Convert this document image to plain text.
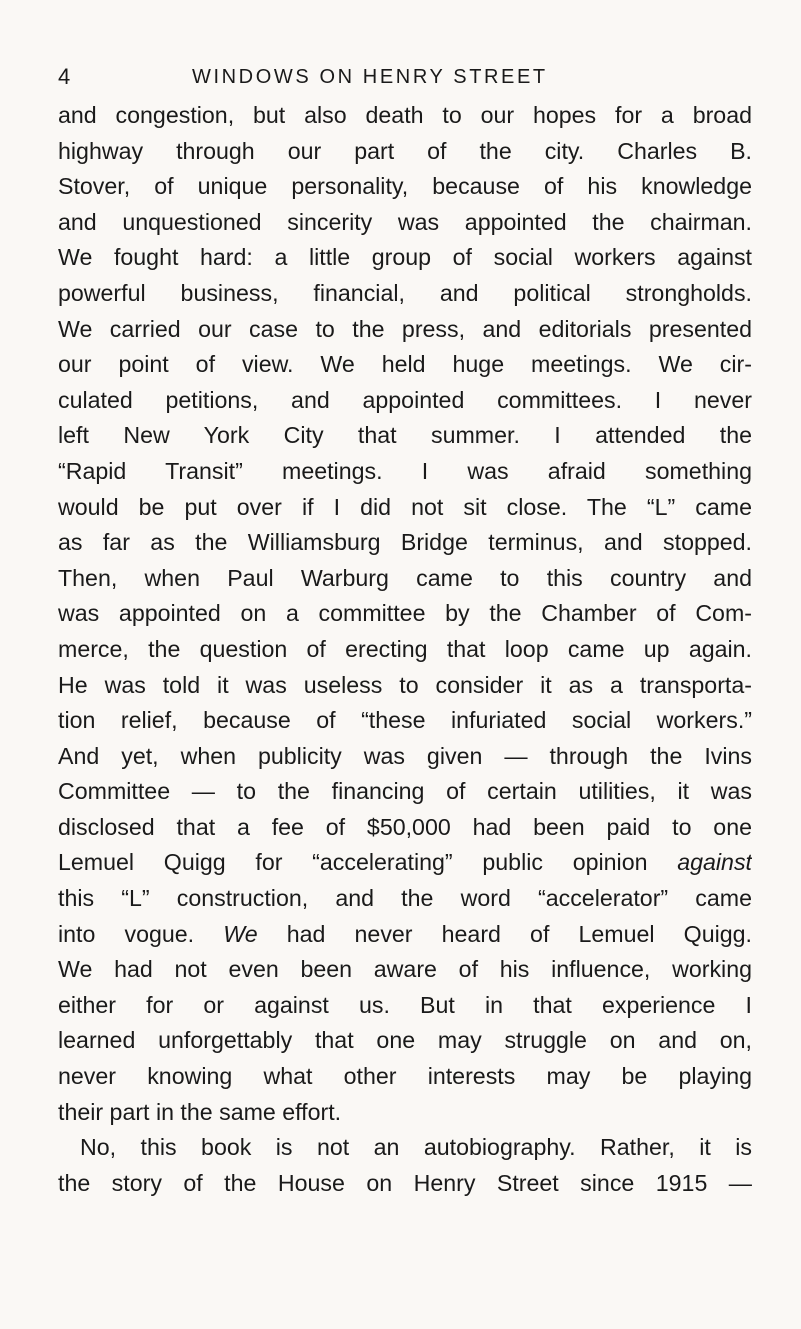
4	WINDOWS ON HENRY STREET
and congestion, but also death to our hopes for a broad
highway through our part of the city. Charles B.
Stover, of unique personality, because of his knowledge
and unquestioned sincerity was appointed the chairman.
We fought hard: a little group of social workers against
powerful business, financial, and political strongholds.
We carried our case to the press, and editorials presented
our point of view. We held huge meetings. We cir-
culated petitions, and appointed committees. I never
left New York City that summer. I attended the
“Rapid Transit” meetings. I was afraid something
would be put over if I did not sit close. The “L” came
as far as the Williamsburg Bridge terminus, and stopped.
Then, when Paul Warburg came to this country and
was appointed on a committee by the Chamber of Com-
merce, the question of erecting that loop came up again.
He was told it was useless to consider it as a transporta-
tion relief, because of “these infuriated social workers.”
And yet, when publicity was given — through the Ivins
Committee — to the financing of certain utilities, it was
disclosed that a fee of $50,000 had been paid to one
Lemuel Quigg for “accelerating” public opinion against
this “L” construction, and the word “accelerator” came
into vogue. We had never heard of Lemuel Quigg.
We had not even been aware of his influence, working
either for or against us. But in that experience I
learned unforgettably that one may struggle on and on,
never knowing what other interests may be playing
their part in the same effort.
No, this book is not an autobiography. Rather, it is
the story of the House on Henry Street since 1915 —
